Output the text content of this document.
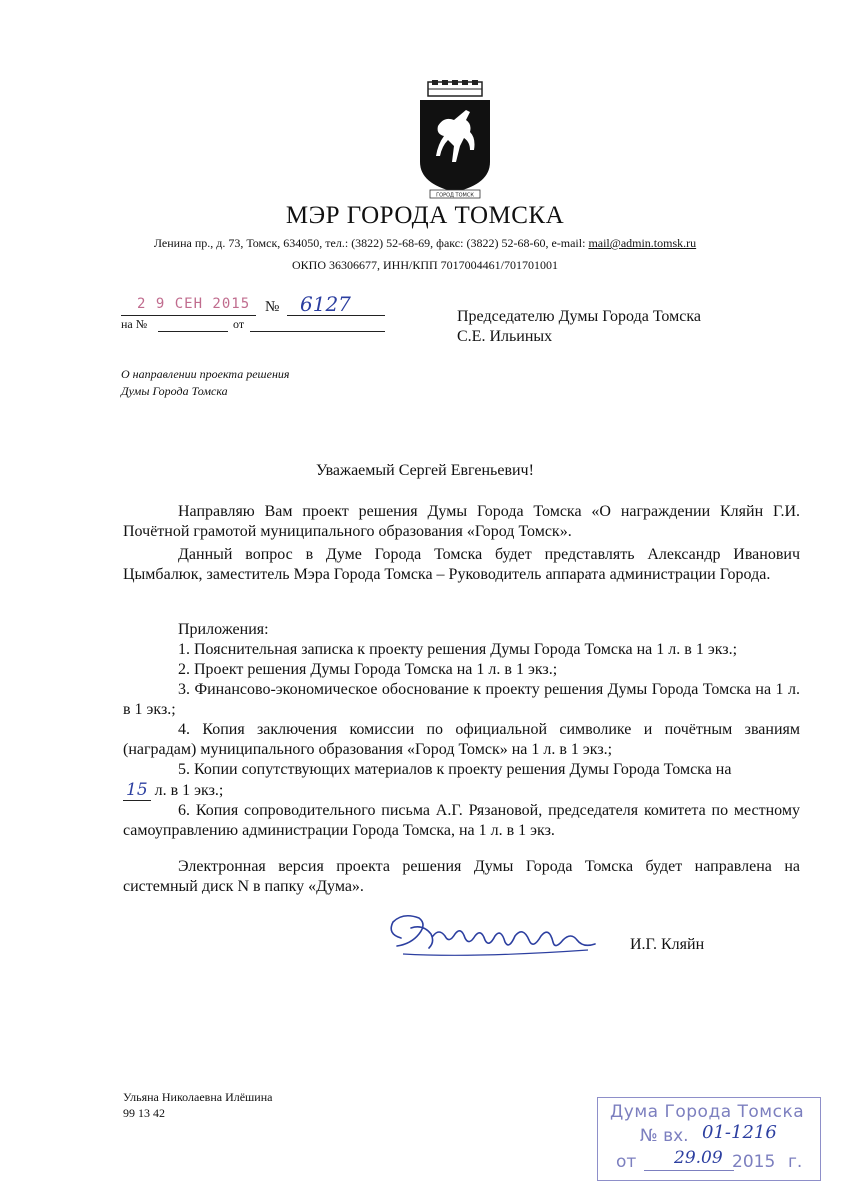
ГОРОД ТОМСК
МЭР ГОРОДА ТОМСКА
Ленина пр., д. 73, Томск, 634050, тел.: (3822) 52-68-69, факс: (3822) 52-68-60, e-mail: mail@admin.tomsk.ru
ОКПО 36306677, ИНН/КПП 7017004461/701701001
2 9 СЕН 2015 № 6127
на №	от	Председателю Думы Города Томска
С.Е. Ильиных
О направлении проекта решения
Думы Города Томска
Уважаемый Сергей Евгеньевич!
Направляю Вам проект решения Думы Города Томска «О награждении Кляйн Г.И. Почётной грамотой муниципального образования «Город Томск».
Данный вопрос в Думе Города Томска будет представлять Александр Иванович Цымбалюк, заместитель Мэра Города Томска – Руководитель аппарата администрации Города.
Приложения:

1. Пояснительная записка к проекту решения Думы Города Томска на 1 л. в 1 экз.;

2. Проект решения Думы Города Томска на 1 л. в 1 экз.;

3. Финансово-экономическое обоснование к проекту решения Думы Города Томска на 1 л. в 1 экз.;

4. Копия заключения комиссии по официальной символике и почётным званиям (наградам) муниципального образования «Город Томск» на 1 л. в 1 экз.;

5. Копии сопутствующих материалов к проекту решения Думы Города Томска на

15 л. в 1 экз.;

6. Копия сопроводительного письма А.Г. Рязановой, председателя комитета по местному самоуправлению администрации Города Томска, на 1 л. в 1 экз.

Электронная версия проекта решения Думы Города Томска будет направлена на системный диск N в папку «Дума».
И.Г. Кляйн
Ульяна Николаевна Илёшина
99 13 42	Дума Города Томска
№ вх. 01-1216
от 29.09 2015 г.
